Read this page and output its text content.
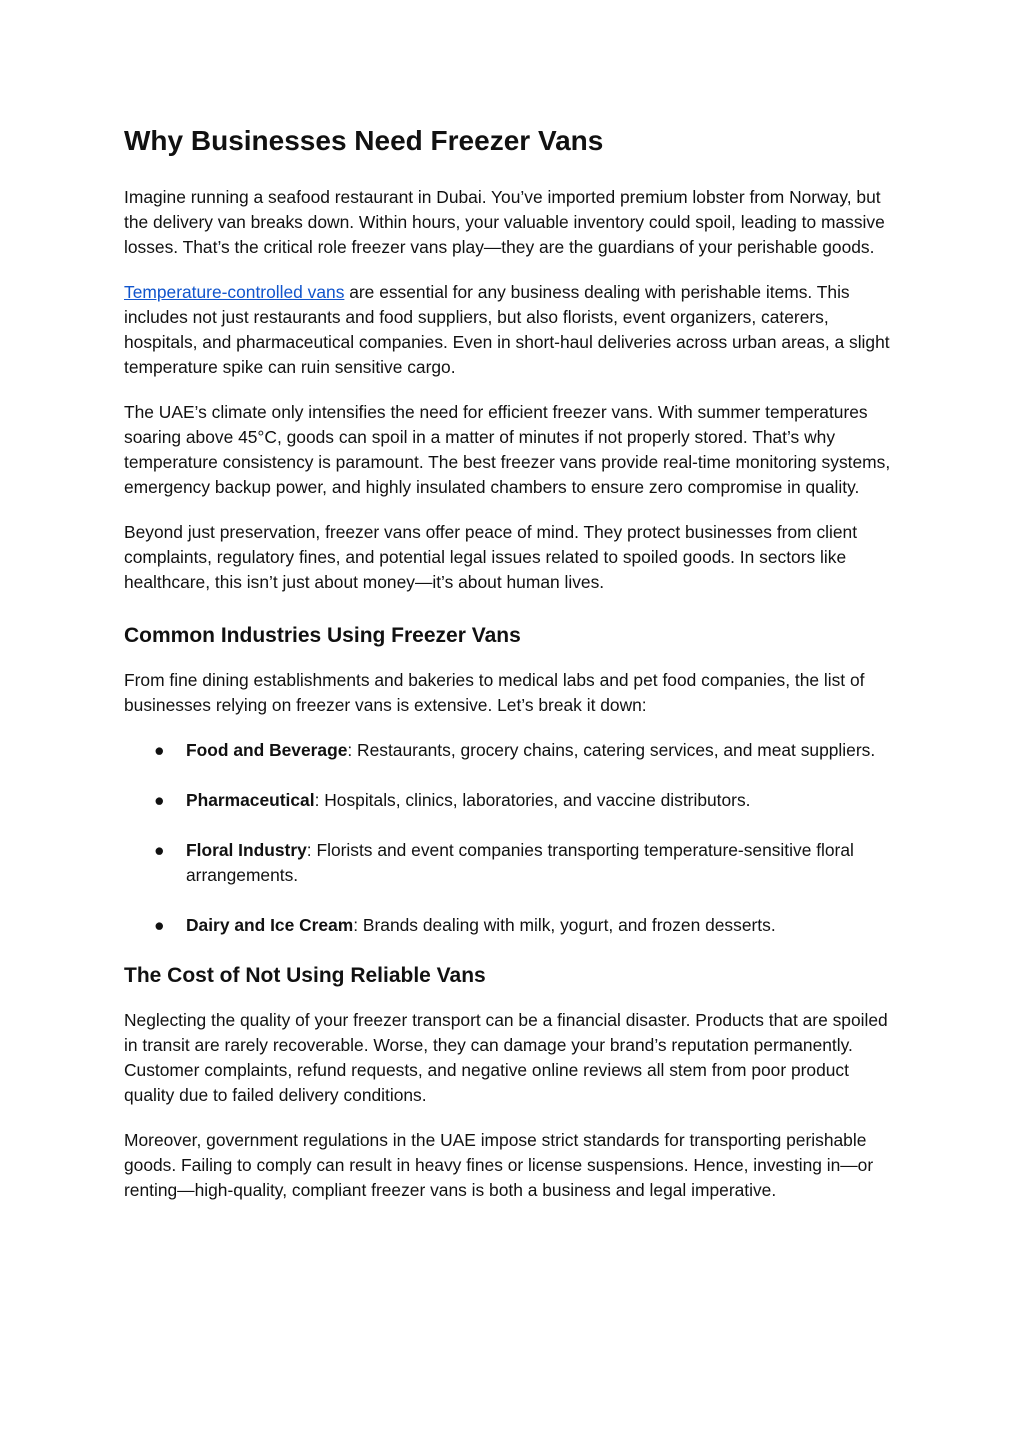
Why Businesses Need Freezer Vans

Imagine running a seafood restaurant in Dubai. You’ve imported premium lobster from Norway, but the delivery van breaks down. Within hours, your valuable inventory could spoil, leading to massive losses. That’s the critical role freezer vans play—they are the guardians of your perishable goods.

Temperature-controlled vans are essential for any business dealing with perishable items. This includes not just restaurants and food suppliers, but also florists, event organizers, caterers, hospitals, and pharmaceutical companies. Even in short-haul deliveries across urban areas, a slight temperature spike can ruin sensitive cargo.

The UAE’s climate only intensifies the need for efficient freezer vans. With summer temperatures soaring above 45°C, goods can spoil in a matter of minutes if not properly stored. That’s why temperature consistency is paramount. The best freezer vans provide real-time monitoring systems, emergency backup power, and highly insulated chambers to ensure zero compromise in quality.

Beyond just preservation, freezer vans offer peace of mind. They protect businesses from client complaints, regulatory fines, and potential legal issues related to spoiled goods. In sectors like healthcare, this isn’t just about money—it’s about human lives.

Common Industries Using Freezer Vans

From fine dining establishments and bakeries to medical labs and pet food companies, the list of businesses relying on freezer vans is extensive. Let’s break it down:

● Food and Beverage: Restaurants, grocery chains, catering services, and meat suppliers.
● Pharmaceutical: Hospitals, clinics, laboratories, and vaccine distributors.
● Floral Industry: Florists and event companies transporting temperature-sensitive floral arrangements.
● Dairy and Ice Cream: Brands dealing with milk, yogurt, and frozen desserts.
The Cost of Not Using Reliable Vans

Neglecting the quality of your freezer transport can be a financial disaster. Products that are spoiled in transit are rarely recoverable. Worse, they can damage your brand’s reputation permanently. Customer complaints, refund requests, and negative online reviews all stem from poor product quality due to failed delivery conditions.

Moreover, government regulations in the UAE impose strict standards for transporting perishable goods. Failing to comply can result in heavy fines or license suspensions. Hence, investing in—or renting—high-quality, compliant freezer vans is both a business and legal imperative.
